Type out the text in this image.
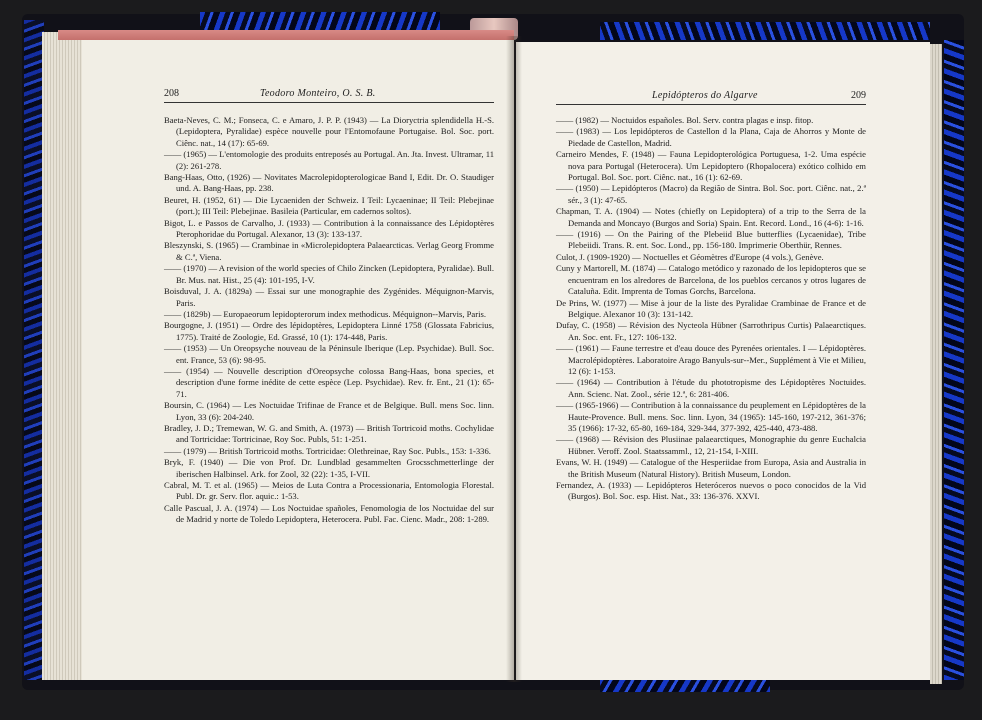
208	Teodoro Monteiro, O. S. B.

Baeta-Neves, C. M.; Fonseca, C. e Amaro, J. P. P. (1943) — La Dioryctria splendidella H.-S. (Lepidoptera, Pyralidae) espèce nouvelle pour l'Entomofaune Portugaise. Bol. Soc. port. Ciênc. nat., 14 (17): 65-69.

—— (1965) — L'entomologie des produits entreposés au Portugal. An. Jta. Invest. Ultramar, 11 (2): 261-278.

Bang-Haas, Otto, (1926) — Novitates Macrolepidopterologicae Band I, Edit. Dr. O. Staudiger und. A. Bang-Haas, pp. 238.

Beuret, H. (1952, 61) — Die Lycaeniden der Schweiz. I Teil: Lycaeninae; II Teil: Plebejinae (port.); III Teil: Plebejinae. Basileia (Particular, em cadernos soltos).

Bigot, L. e Passos de Carvalho, J. (1933) — Contribution à la connaissance des Lépidoptères Pterophoridae du Portugal. Alexanor, 13 (3): 133-137.

Bleszynski, S. (1965) — Crambinae in «Microlepidoptera Palaearcticas. Verlag Georg Fromme & C.ª, Viena.

—— (1970) — A revision of the world species of Chilo Zincken (Lepidoptera, Pyralidae). Bull. Br. Mus. nat. Hist., 25 (4): 101-195, I-V.

Boisduval, J. A. (1829a) — Essai sur une monographie des Zygénides. Méquignon-Marvis, Paris.

—— (1829b) — Europaeorum lepidopterorum index methodicus. Méquignon--Marvis, Paris.

Bourgogne, J. (1951) — Ordre des lépidoptères, Lepidoptera Linné 1758 (Glossata Fabricius, 1775). Traité de Zoologie, Ed. Grassé, 10 (1): 174-448, Paris.

—— (1953) — Un Oreopsyche nouveau de la Péninsule Iberique (Lep. Psychidae). Bull. Soc. ent. France, 53 (6): 98-95.

—— (1954) — Nouvelle description d'Oreopsyche colossa Bang-Haas, bona species, et description d'une forme inédite de cette espèce (Lep. Psychidae). Rev. fr. Ent., 21 (1): 65-71.

Boursin, C. (1964) — Les Noctuidae Trifinae de France et de Belgique. Bull. mens Soc. linn. Lyon, 33 (6): 204-240.

Bradley, J. D.; Tremewan, W. G. and Smith, A. (1973) — British Tortricoid moths. Cochylidae and Tortricidae: Tortricinae, Roy Soc. Publs, 51: 1-251.

—— (1979) — British Tortricoid moths. Tortricidae: Olethreinae, Ray Soc. Publs., 153: 1-336.

Bryk, F. (1940) — Die von Prof. Dr. Lundblad gesammelten Grocsschmetterlinge der iberischen Halbinsel. Ark. for Zool, 32 (22): 1-35, I-VII.

Cabral, M. T. et al. (1965) — Meios de Luta Contra a Processionaria, Entomologia Florestal. Publ. Dr. gr. Serv. flor. aquic.: 1-53.

Calle Pascual, J. A. (1974) — Los Noctuidae spañoles, Fenomologia de los Noctuidae del sur de Madrid y norte de Toledo Lepidoptera, Heterocera. Publ. Fac. Cienc. Madr., 208: 1-289.

Lepidópteros do Algarve	209

—— (1982) — Noctuidos españoles. Bol. Serv. contra plagas e insp. fitop.

—— (1983) — Los lepidópteros de Castellon d la Plana, Caja de Ahorros y Monte de Piedade de Castellon, Madrid.

Carneiro Mendes, F. (1948) — Fauna Lepidopterológica Portuguesa, 1-2. Uma espécie nova para Portugal (Heterocera). Um Lepidoptero (Rhopalocera) exótico colhido em Portugal. Bol. Soc. port. Ciênc. nat., 16 (1): 62-69.

—— (1950) — Lepidópteros (Macro) da Região de Sintra. Bol. Soc. port. Ciênc. nat., 2.ª sér., 3 (1): 47-65.

Chapman, T. A. (1904) — Notes (chiefly on Lepidoptera) of a trip to the Serra de la Demanda and Moncayo (Burgos and Soria) Spain. Ent. Record. Lond., 16 (4-6): 1-16.

—— (1916) — On the Pairing of the Plebeiid Blue butterflies (Lycaenidae), Tribe Plebeiidi. Trans. R. ent. Soc. Lond., pp. 156-180. Imprimerie Oberthür, Rennes.

Culot, J. (1909-1920) — Noctuelles et Géomètres d'Europe (4 vols.), Genève.

Cuny y Martorell, M. (1874) — Catalogo metódico y razonado de los lepidopteros que se encuentram en los alredores de Barcelona, de los pueblos cercanos y otros lugares de Cataluña. Edit. Imprenta de Tomas Gorchs, Barcelona.

De Prins, W. (1977) — Mise à jour de la liste des Pyralidae Crambinae de France et de Belgique. Alexanor 10 (3): 131-142.

Dufay, C. (1958) — Révision des Nycteola Hübner (Sarrothripus Curtis) Palaearctiques. An. Soc. ent. Fr., 127: 106-132.

—— (1961) — Faune terrestre et d'eau douce des Pyrenées orientales. I — Lépidoptères. Macrolépidoptères. Laboratoire Arago Banyuls-sur--Mer., Supplément à Vie et Milieu, 12 (6): 1-153.

—— (1964) — Contribution à l'étude du phototropisme des Lépidoptères Noctuides. Ann. Scienc. Nat. Zool., série 12.ª, 6: 281-406.

—— (1965-1966) — Contribution à la connaissance du peuplement en Lépidoptères de la Haute-Provence. Bull. mens. Soc. linn. Lyon, 34 (1965): 145-160, 197-212, 361-376; 35 (1966): 17-32, 65-80, 169-184, 329-344, 377-392, 425-440, 473-488.

—— (1968) — Révision des Plusiinae palaearctiques, Monographie du genre Euchalcia Hübner. Veroff. Zool. Staatssamml., 12, 21-154, I-XIII.

Evans, W. H. (1949) — Catalogue of the Hesperiidae from Europa, Asia and Australia in the British Museum (Natural History). British Museum, London.

Fernandez, A. (1933) — Lepidópteros Heteróceros nuevos o poco conocidos de la Vid (Burgos). Bol. Soc. esp. Hist. Nat., 33: 136-376. XXVI.
